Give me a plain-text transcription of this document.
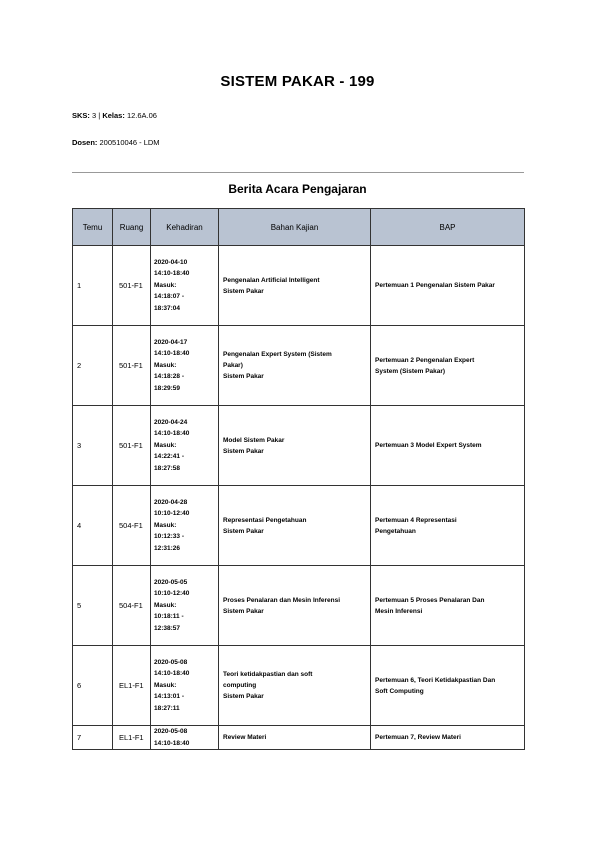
SISTEM PAKAR - 199
SKS: 3 | Kelas: 12.6A.06
Dosen: 200510046 - LDM
Berita Acara Pengajaran
Temu	Ruang	Kehadiran	Bahan Kajian	BAP
1	501-F1	2020-04-10
14:10-18:40
Masuk:
14:18:07 -
18:37:04	Pengenalan Artificial Intelligent
Sistem Pakar	Pertemuan 1 Pengenalan Sistem Pakar

2	501-F1	2020-04-17
14:10-18:40
Masuk:
14:18:28 -
18:29:59	Pengenalan Expert System (Sistem
Pakar)
Sistem Pakar	Pertemuan 2 Pengenalan Expert
System (Sistem Pakar)

3	501-F1	2020-04-24
14:10-18:40
Masuk:
14:22:41 -
18:27:58	Model Sistem Pakar
Sistem Pakar	Pertemuan 3 Model Expert System

4	504-F1	2020-04-28
10:10-12:40
Masuk:
10:12:33 -
12:31:26	Representasi Pengetahuan
Sistem Pakar	Pertemuan 4 Representasi
Pengetahuan

5	504-F1	2020-05-05
10:10-12:40
Masuk:
10:18:11 -
12:38:57	Proses Penalaran dan Mesin Inferensi
Sistem Pakar	Pertemuan 5 Proses Penalaran Dan
Mesin Inferensi

6	EL1-F1	2020-05-08
14:10-18:40
Masuk:
14:13:01 -
18:27:11	Teori ketidakpastian dan soft
computing
Sistem Pakar	Pertemuan 6, Teori Ketidakpastian Dan
Soft Computing

7	EL1-F1	2020-05-08
14:10-18:40	Review Materi	Pertemuan 7, Review Materi
